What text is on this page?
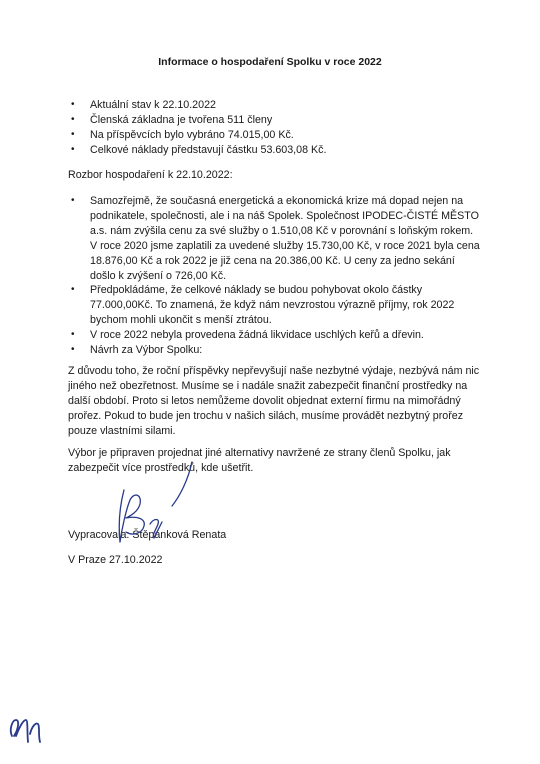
Informace o hospodaření Spolku v roce 2022
• Aktuální stav k 22.10.2022
• Členská základna je tvořena 511 členy
• Na příspěvcích bylo vybráno 74.015,00 Kč.
• Celkové náklady představují částku 53.603,08 Kč.
Rozbor hospodaření k 22.10.2022:
• Samozřejmě, že současná energetická a ekonomická krize má dopad nejen na podnikatele, společnosti, ale i na náš Spolek. Společnost IPODEC-ČISTÉ MĚSTO a.s. nám zvýšila cenu za své služby o 1.510,08 Kč v porovnání s loňským rokem. V roce 2020 jsme zaplatili za uvedené služby 15.730,00 Kč, v roce 2021 byla cena 18.876,00 Kč a rok 2022 je již cena na 20.386,00 Kč. U ceny za jedno sekání došlo k zvýšení o 726,00 Kč.
• Předpokládáme, že celkové náklady se budou pohybovat okolo částky 77.000,00Kč. To znamená, že když nám nevzrostou výrazně příjmy, rok 2022 bychom mohli ukončit s menší ztrátou.
• V roce 2022 nebyla provedena žádná likvidace uschlých keřů a dřevin.
• Návrh za Výbor Spolku:

Z důvodu toho, že roční příspěvky nepřevyšují naše nezbytné výdaje, nezbývá nám nic jiného než obezřetnost. Musíme se i nadále snažit zabezpečit finanční prostředky na další období. Proto si letos nemůžeme dovolit objednat externí firmu na mimořádný prořez. Pokud to bude jen trochu v našich silách, musíme provádět nezbytný prořez pouze vlastními silami.

Výbor je připraven projednat jiné alternativy navržené ze strany členů Spolku, jak zabezpečit více prostředků, kde ušetřit.

Vypracovala: Štěpánková Renata
V Praze 27.10.2022
